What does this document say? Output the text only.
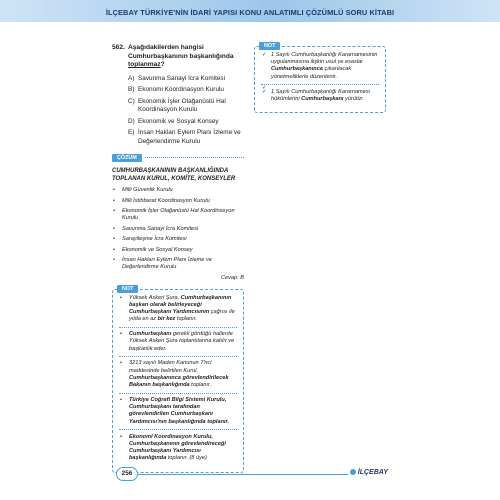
İLÇEBAY TÜRKİYE'NİN İDARİ YAPISI KONU ANLATIMLI ÇÖZÜMLÜ SORU KİTABI
562. Aşağıdakilerden hangisi Cumhurbaşkanının başkanlığında toplanmaz?
A) Savunma Sanayi İcra Komitesi
B) Ekonomi Koordinasyon Kurulu
C) Ekonomik İşler Olağanüstü Hal Koordinasyon Kurulu
D) Ekonomik ve Sosyal Konsey
E) İnsan Hakları Eylem Planı İzleme ve Değerlendirme Kurulu
ÇÖZÜM
CUMHURBAŞKANININ BAŞKANLIĞINDA TOPLANAN KURUL, KOMİTE, KONSEYLER
• Milli Güvenlik Kurulu
• Milli İstihbarat Koordinasyon Kurulu
• Ekonomik İşler Olağanüstü Hal Koordinasyon Kurulu
• Savunma Sanayi İcra Komitesi
• Sarayileşme İcra Komitesi
• Ekonomik ve Sosyal Konsey
• İnsan Hakları Eylem Planı İzleme ve Değerlendirme Kurulu
Cevap: B
NOT
• Yüksek Askeri Şura, Cumhurbaşkanının başkan olarak belirleyeceği Cumhurbaşkanı Yardımcısının çağrısı ile yılda en az bir kez toplanır.
• Cumhurbaşkanı gerekli gördüğü hallerde Yüksek Askeri Şura toplantılarına katılır ve başkanlık eder.
• 3213 sayılı Maden Kanunun 7'nci maddesinde belirtilen Kurul, Cumhurbaşkanınca görevlendirilecek Bakanın başkanlığında toplanır.
• Türkiye Coğrafi Bilgi Sistemi Kurulu, Cumhurbaşkanı tarafından görevlendirilen Cumhurbaşkanı Yardımcısı'nın başkanlığında toplanır.
• Ekonomi Koordinasyon Kurulu, Cumhurbaşkanının görevlendireceği Cumhurbaşkanı Yardımcısı başkanlığında toplanır. (8 üye)
NOT
✓ 1 Sayılı Cumhurbaşkanlığı Kararnamesinin uygulanmasına ilişkin usul ve esaslar Cumhurbaşkanınca çıkarılacak yönetmeliklerle düzenlenir.
✓
✓ 1 Sayılı Cumhurbaşkanlığı Kararnamesi hükümlerini Cumhurbaşkanı yürütür.
256	İLÇEBAY
